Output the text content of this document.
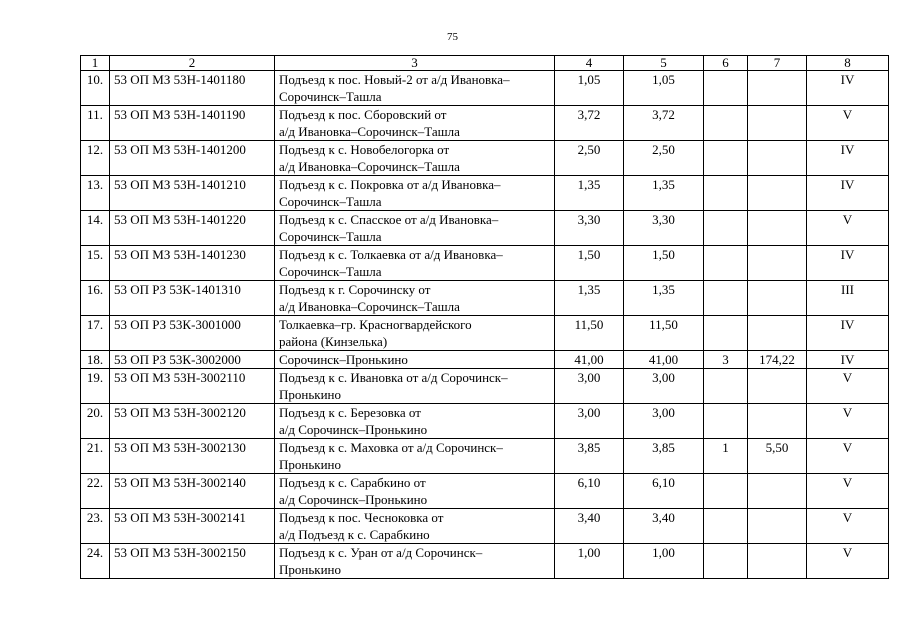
75
1	2	3	4	5	6	7	8
10.	53 ОП МЗ 53Н-1401180	Подъезд к пос. Новый-2 от а/д Ивановка–
Сорочинск–Ташла	1,05	1,05			IV
11.	53 ОП МЗ 53Н-1401190	Подъезд к пос. Сборовский от
а/д Ивановка–Сорочинск–Ташла	3,72	3,72			V
12.	53 ОП МЗ 53Н-1401200	Подъезд к с. Новобелогорка от
а/д Ивановка–Сорочинск–Ташла	2,50	2,50			IV
13.	53 ОП МЗ 53Н-1401210	Подъезд к с. Покровка от а/д Ивановка–
Сорочинск–Ташла	1,35	1,35			IV
14.	53 ОП МЗ 53Н-1401220	Подъезд к с. Спасское от а/д Ивановка–
Сорочинск–Ташла	3,30	3,30			V
15.	53 ОП МЗ 53Н-1401230	Подъезд к с. Толкаевка от а/д Ивановка–
Сорочинск–Ташла	1,50	1,50			IV
16.	53 ОП РЗ 53К-1401310	Подъезд к г. Сорочинску от
а/д Ивановка–Сорочинск–Ташла	1,35	1,35			III
17.	53 ОП РЗ 53К-3001000	Толкаевка–гр. Красногвардейского
района (Кинзелька)	11,50	11,50			IV
18.	53 ОП РЗ 53К-3002000	Сорочинск–Пронькино	41,00	41,00	3	174,22	IV
19.	53 ОП МЗ 53Н-3002110	Подъезд к с. Ивановка от а/д Сорочинск–
Пронькино	3,00	3,00			V
20.	53 ОП МЗ 53Н-3002120	Подъезд к с. Березовка от
а/д Сорочинск–Пронькино	3,00	3,00			V
21.	53 ОП МЗ 53Н-3002130	Подъезд к с. Маховка от а/д Сорочинск–
Пронькино	3,85	3,85	1	5,50	V
22.	53 ОП МЗ 53Н-3002140	Подъезд к с. Сарабкино от
а/д Сорочинск–Пронькино	6,10	6,10			V
23.	53 ОП МЗ 53Н-3002141	Подъезд к пос. Чесноковка от
а/д Подъезд к с. Сарабкино	3,40	3,40			V
24.	53 ОП МЗ 53Н-3002150	Подъезд к с. Уран от а/д Сорочинск–
Пронькино	1,00	1,00			V
